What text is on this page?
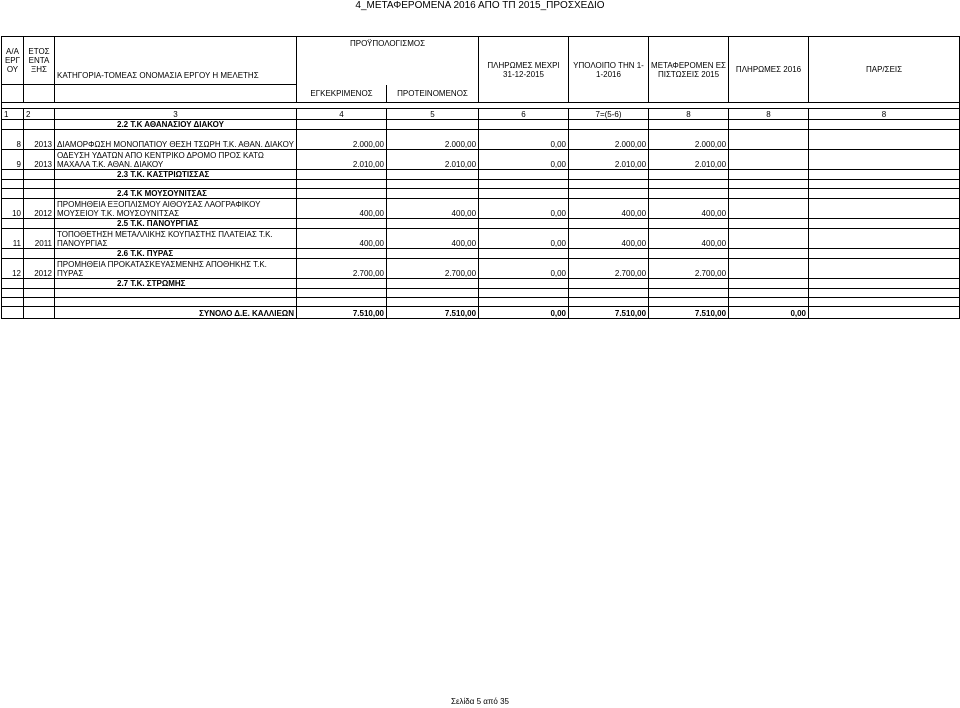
4_ΜΕΤΑΦΕΡΟΜΕΝΑ 2016 ΑΠΟ ΤΠ 2015_ΠΡΟΣΧΕΔΙΟ
Α/Α ΕΡΓ ΟΥ	ΕΤΟΣ ΕΝΤΑ ΞΗΣ	ΚΑΤΗΓΟΡΙΑ-ΤΟΜΕΑΣ ΟΝΟΜΑΣΙΑ ΕΡΓΟΥ Η ΜΕΛΕΤΗΣ	ΠΡΟΫΠΟΛΟΓΙΣΜΟΣ		ΠΛΗΡΩΜΕΣ ΜΕΧΡΙ 31-12-2015	ΥΠΟΛΟΙΠΟ ΤΗΝ 1-1-2016	ΜΕΤΑΦΕΡΟΜΕΝ ΕΣ ΠΙΣΤΩΣΕΙΣ 2015	ΠΛΗΡΩΜΕΣ 2016	ΠΑΡ/ΣΕΙΣ
			ΕΓΚΕΚΡΙΜΕΝΟΣ	ΠΡΟΤΕΙΝΟΜΕΝΟΣ					

1	2	3	4	5	6	7=(5-6)	8	8	8
		2.2 Τ.Κ ΑΘΑΝΑΣΙΟΥ ΔΙΑΚΟΥ							
8	2013	ΔΙΑΜΟΡΦΩΣΗ ΜΟΝΟΠΑΤΙΟΥ ΘΕΣΗ ΤΣΩΡΗ Τ.Κ. ΑΘΑΝ. ΔΙΑΚΟΥ	2.000,00	2.000,00	0,00	2.000,00	2.000,00		
9	2013	ΟΔΕΥΣΗ ΥΔΑΤΩΝ ΑΠΟ ΚΕΝΤΡΙΚΟ ΔΡΟΜΟ ΠΡΟΣ ΚΑΤΩ ΜΑΧΑΛΑ Τ.Κ. ΑΘΑΝ. ΔΙΑΚΟΥ	2.010,00	2.010,00	0,00	2.010,00	2.010,00		
		2.3 Τ.Κ. ΚΑΣΤΡΙΩΤΙΣΣΑΣ							

		2.4 Τ.Κ ΜΟΥΣΟΥΝΙΤΣΑΣ							
10	2012	ΠΡΟΜΗΘΕΙΑ ΕΞΟΠΛΙΣΜΟΥ ΑΙΘΟΥΣΑΣ ΛΑΟΓΡΑΦΙΚΟΥ ΜΟΥΣΕΙΟΥ Τ.Κ. ΜΟΥΣΟΥΝΙΤΣΑΣ	400,00	400,00	0,00	400,00	400,00		
		2.5 Τ.Κ. ΠΑΝΟΥΡΓΙΑΣ							
11	2011	ΤΟΠΟΘΕΤΗΣΗ ΜΕΤΑΛΛΙΚΗΣ ΚΟΥΠΑΣΤΗΣ ΠΛΑΤΕΙΑΣ Τ.Κ. ΠΑΝΟΥΡΓΙΑΣ	400,00	400,00	0,00	400,00	400,00		
		2.6 Τ.Κ. ΠΥΡΑΣ							
12	2012	ΠΡΟΜΗΘΕΙΑ ΠΡΟΚΑΤΑΣΚΕΥΑΣΜΕΝΗΣ ΑΠΟΘΗΚΗΣ Τ.Κ. ΠΥΡΑΣ	2.700,00	2.700,00	0,00	2.700,00	2.700,00		
		2.7 Τ.Κ. ΣΤΡΩΜΗΣ							

		ΣΥΝΟΛΟ Δ.Ε. ΚΑΛΛΙΕΩΝ	7.510,00	7.510,00	0,00	7.510,00	7.510,00	0,00	
Σελίδα 5 από 35
